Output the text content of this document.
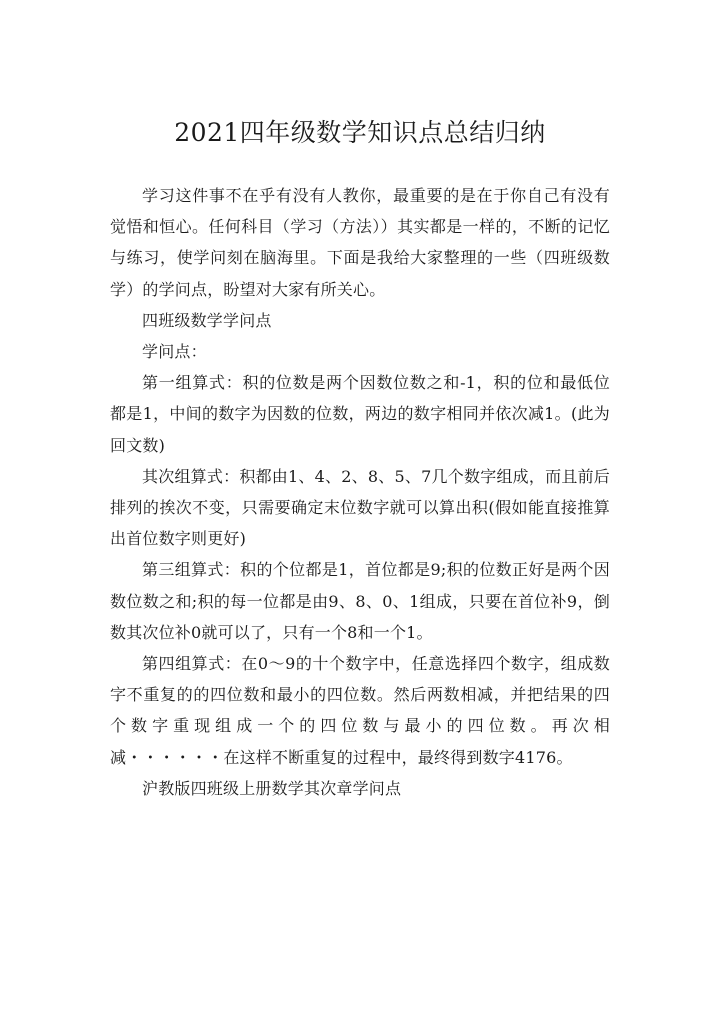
2021四年级数学知识点总结归纳

学习这件事不在乎有没有人教你，最重要的是在于你自己有没有觉悟和恒心。任何科目（学习（方法））其实都是一样的，不断的记忆与练习，使学问刻在脑海里。下面是我给大家整理的一些（四班级数学）的学问点，盼望对大家有所关心。

四班级数学学问点

学问点：

第一组算式：积的位数是两个因数位数之和-1，积的位和最低位都是1，中间的数字为因数的位数，两边的数字相同并依次减1。(此为回文数)

其次组算式：积都由1、4、2、8、5、7几个数字组成，而且前后排列的挨次不变，只需要确定末位数字就可以算出积(假如能直接推算出首位数字则更好)

第三组算式：积的个位都是1，首位都是9;积的位数正好是两个因数位数之和;积的每一位都是由9、8、0、1组成，只要在首位补9，倒数其次位补0就可以了，只有一个8和一个1。

第四组算式：在0～9的十个数字中，任意选择四个数字，组成数字不重复的的四位数和最小的四位数。然后两数相减，并把结果的四个数字重现组成一个的四位数与最小的四位数。再次相减・・・・・・在这样不断重复的过程中，最终得到数字4176。

沪教版四班级上册数学其次章学问点
